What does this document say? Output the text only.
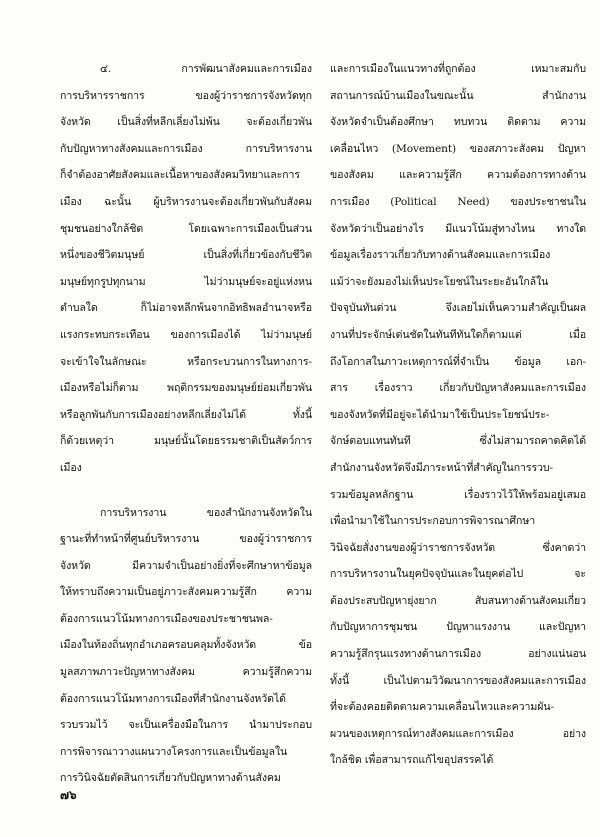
๔. การพัฒนาสังคมและการเมือง
การบริหารราชการ ของผู้ว่าราชการจังหวัดทุก
จังหวัด เป็นสิ่งที่หลีกเลี่ยงไม่พ้น จะต้องเกี่ยวพัน
กับปัญหาทางสังคมและการเมือง การบริหารงาน
ก็จำต้องอาศัยสังคมและเนื้อหาของสังคมวิทยาและการ
เมือง ฉะนั้น ผู้บริหารงานจะต้องเกี่ยวพันกับสังคม
ชุมชนอย่างใกล้ชิด โดยเฉพาะการเมืองเป็นส่วน
หนึ่งของชีวิตมนุษย์ เป็นสิ่งที่เกี่ยวข้องกับชีวิต
มนุษย์ทุกรูปทุกนาม ไม่ว่ามนุษย์จะอยู่แห่งหน
ตำบลใด ก็ไม่อาจหลีกพ้นจากอิทธิพลอำนาจหรือ
แรงกระทบกระเทือน ของการเมืองได้ ไม่ว่ามนุษย์
จะเข้าใจในลักษณะ หรือกระบวนการในทางการ-
เมืองหรือไม่ก็ตาม พฤติกรรมของมนุษย์ย่อมเกี่ยวพัน
หรือลูกพันกับการเมืองอย่างหลีกเลี่ยงไม่ได้ ทั้งนี้
ก็ด้วยเหตุว่า มนุษย์นั้นโดยธรรมชาติเป็นสัตว์การ
เมือง
การบริหารงาน ของสำนักงานจังหวัดใน
ฐานะที่ทำหน้าที่ศูนย์บริหารงาน ของผู้ว่าราชการ
จังหวัด มีความจำเป็นอย่างยิ่งที่จะศึกษาหาข้อมูล
ให้ทราบถึงความเป็นอยู่ภาวะสังคมความรู้สึก ความ
ต้องการแนวโน้มทางการเมืองของประชาชนพล-
เมืองในท้องถิ่นทุกอำเภอครอบคลุมทั้งจังหวัด ข้อ
มูลสภาพภาวะปัญหาทางสังคม ความรู้สึกความ
ต้องการแนวโน้มทางการเมืองที่สำนักงานจังหวัดได้
รวบรวมไว้ จะเป็นเครื่องมือในการ นำมาประกอบ
การพิจารณาวางแผนวางโครงการและเป็นข้อมูลใน
การวินิจฉัยตัดสินการเกี่ยวกับปัญหาทางด้านสังคม
และการเมืองในแนวทางที่ถูกต้อง เหมาะสมกับ
สถานการณ์บ้านเมืองในขณะนั้น สำนักงาน
จังหวัดจำเป็นต้องศึกษา ทบทวน ติดตาม ความ
เคลื่อนไหว (Movement) ของสภาวะสังคม ปัญหา
ของสังคม และความรู้สึก ความต้องการทางด้าน
การเมือง (Political Need) ของประชาชนใน
จังหวัดว่าเป็นอย่างไร มีแนวโน้มสู่ทางไหน ทางใด
ข้อมูลเรื่องราวเกี่ยวกับทางด้านสังคมและการเมือง
แม้ว่าจะยังมองไม่เห็นประโยชน์ในระยะอันใกล้ใน
ปัจจุบันทันด่วน จึงเลยไม่เห็นความสำคัญเป็นผล
งานที่ประจักษ์เด่นชัดในทันทีทันใดก็ตามแต่ เมื่อ
ถึงโอกาสในภาวะเหตุการณ์ที่จำเป็น ข้อมูล เอก-
สาร เรื่องราว เกี่ยวกับปัญหาสังคมและการเมือง
ของจังหวัดที่มีอยู่จะได้นำมาใช้เป็นประโยชน์ประ-
จักษ์ตอบแทนทันที ซึ่งไม่สามารถคาดคิดได้
สำนักงานจังหวัดจึงมีภาระหน้าที่สำคัญในการรวบ-
รวมข้อมูลหลักฐาน เรื่องราวไว้ให้พร้อมอยู่เสมอ
เพื่อนำมาใช้ในการประกอบการพิจารณาศึกษา
วินิจฉัยสั่งงานของผู้ว่าราชการจังหวัด ซึ่งคาดว่า
การบริหารงานในยุคปัจจุบันและในยุคต่อไป จะ
ต้องประสบปัญหายุ่งยาก สับสนทางด้านสังคมเกี่ยว
กับปัญหาการชุมชน ปัญหาแรงงาน และปัญหา
ความรู้สึกรุนแรงทางด้านการเมือง อย่างแน่นอน
ทั้งนี้ เป็นไปตามวิวัฒนาการของสังคมและการเมือง
ที่จะต้องคอยติดตามความเคลื่อนไหวและความผัน-
ผวนของเหตุการณ์ทางสังคมและการเมือง อย่าง
ใกล้ชิด เพื่อสามารถแก้ไขอุปสรรคได้
๗๖
